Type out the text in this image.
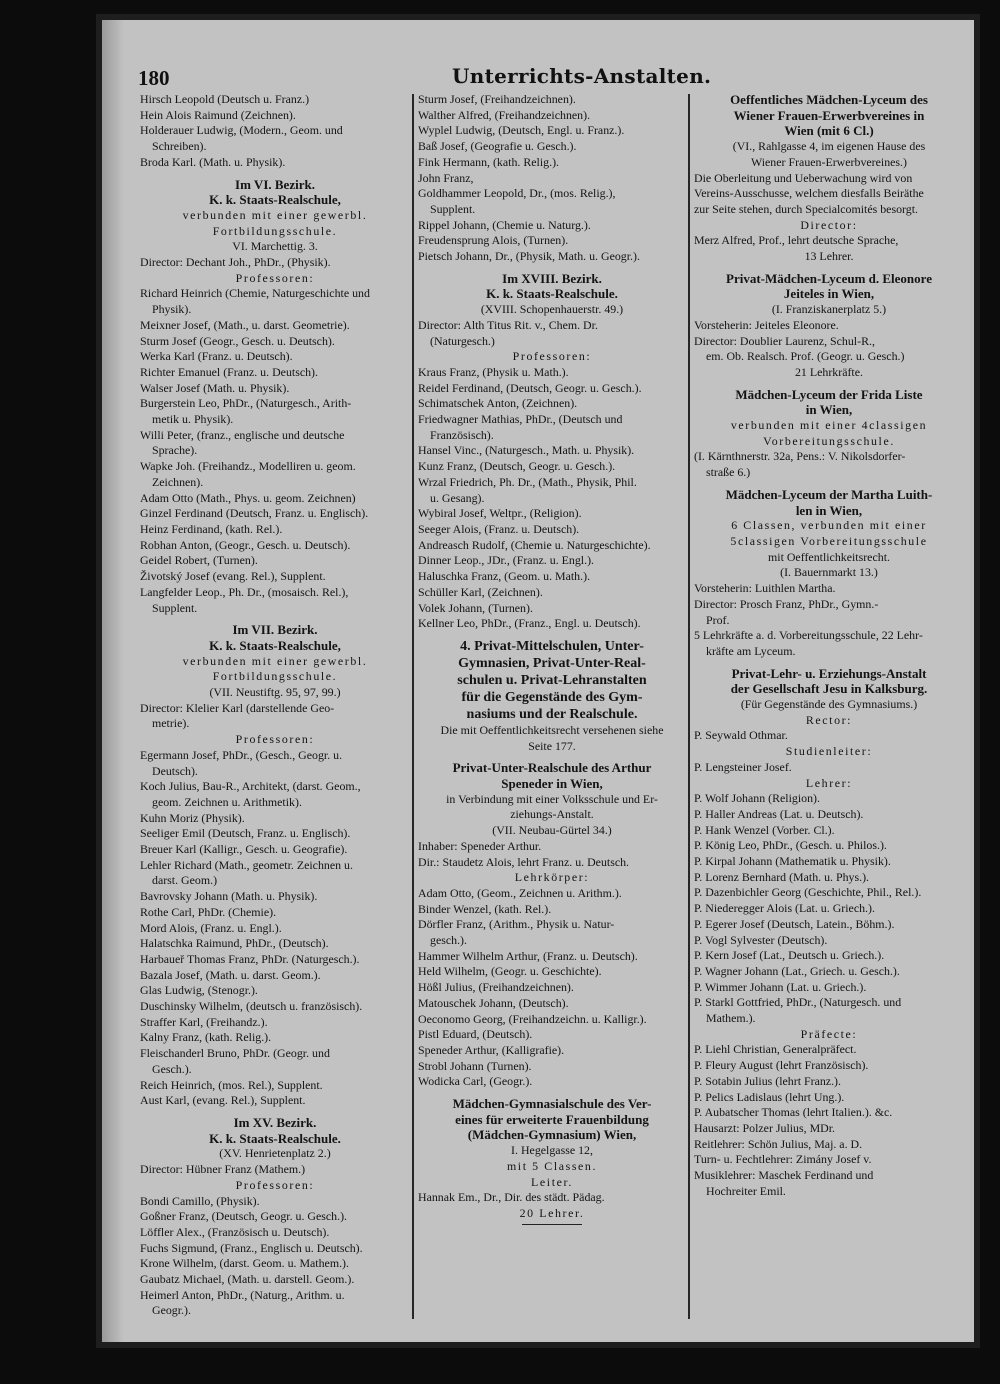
180	Unterrichts-Anstalten.
Hirsch Leopold (Deutsch u. Franz.)
Hein Alois Raimund (Zeichnen).
Holderauer Ludwig, (Modern., Geom. und
Schreiben).
Broda Karl. (Math. u. Physik).
Im VI. Bezirk.
K. k. Staats-Realschule,
verbunden mit einer gewerbl.
Fortbildungsschule.
VI. Marchettig. 3.
Director: Dechant Joh., PhDr., (Physik).
Professoren:
Richard Heinrich (Chemie, Naturgeschichte und
Physik).
Meixner Josef, (Math., u. darst. Geometrie).
Sturm Josef (Geogr., Gesch. u. Deutsch).
Werka Karl (Franz. u. Deutsch).
Richter Emanuel (Franz. u. Deutsch).
Walser Josef (Math. u. Physik).
Burgerstein Leo, PhDr., (Naturgesch., Arith-
metik u. Physik).
Willi Peter, (franz., englische und deutsche
Sprache).
Wapke Joh. (Freihandz., Modelliren u. geom.
Zeichnen).
Adam Otto (Math., Phys. u. geom. Zeichnen)
Ginzel Ferdinand (Deutsch, Franz. u. Englisch).
Heinz Ferdinand, (kath. Rel.).
Robhan Anton, (Geogr., Gesch. u. Deutsch).
Geidel Robert, (Turnen).
Životský Josef (evang. Rel.), Supplent.
Langfelder Leop., Ph. Dr., (mosaisch. Rel.),
Supplent.
Im VII. Bezirk.
K. k. Staats-Realschule,
verbunden mit einer gewerbl.
Fortbildungsschule.
(VII. Neustiftg. 95, 97, 99.)
Director: Klelier Karl (darstellende Geo-
metrie).
Professoren:
Egermann Josef, PhDr., (Gesch., Geogr. u.
Deutsch).
Koch Julius, Bau-R., Architekt, (darst. Geom.,
geom. Zeichnen u. Arithmetik).
Kuhn Moriz (Physik).
Seeliger Emil (Deutsch, Franz. u. Englisch).
Breuer Karl (Kalligr., Gesch. u. Geografie).
Lehler Richard (Math., geometr. Zeichnen u.
darst. Geom.)
Bavrovsky Johann (Math. u. Physik).
Rothe Carl, PhDr. (Chemie).
Mord Alois, (Franz. u. Engl.).
Halatschka Raimund, PhDr., (Deutsch).
Harbaueř Thomas Franz, PhDr. (Naturgesch.).
Bazala Josef, (Math. u. darst. Geom.).
Glas Ludwig, (Stenogr.).
Duschinsky Wilhelm, (deutsch u. französisch).
Straffer Karl, (Freihandz.).
Kalny Franz, (kath. Relig.).
Fleischanderl Bruno, PhDr. (Geogr. und
Gesch.).
Reich Heinrich, (mos. Rel.), Supplent.
Aust Karl, (evang. Rel.), Supplent.
Im XV. Bezirk.
K. k. Staats-Realschule.
(XV. Henrietenplatz 2.)
Director: Hübner Franz (Mathem.)
Professoren:
Bondi Camillo, (Physik).
Goßner Franz, (Deutsch, Geogr. u. Gesch.).
Löffler Alex., (Französisch u. Deutsch).
Fuchs Sigmund, (Franz., Englisch u. Deutsch).
Krone Wilhelm, (darst. Geom. u. Mathem.).
Gaubatz Michael, (Math. u. darstell. Geom.).
Heimerl Anton, PhDr., (Naturg., Arithm. u.
Geogr.).
Sturm Josef, (Freihandzeichnen).
Walther Alfred, (Freihandzeichnen).
Wyplel Ludwig, (Deutsch, Engl. u. Franz.).
Baß Josef, (Geografie u. Gesch.).
Fink Hermann, (kath. Relig.).
John Franz,
Goldhammer Leopold, Dr., (mos. Relig.),
Supplent.
Rippel Johann, (Chemie u. Naturg.).
Freudensprung Alois, (Turnen).
Pietsch Johann, Dr., (Physik, Math. u. Geogr.).
Im XVIII. Bezirk.
K. k. Staats-Realschule.
(XVIII. Schopenhauerstr. 49.)
Director: Alth Titus Rit. v., Chem. Dr.
(Naturgesch.)
Professoren:
Kraus Franz, (Physik u. Math.).
Reidel Ferdinand, (Deutsch, Geogr. u. Gesch.).
Schimatschek Anton, (Zeichnen).
Friedwagner Mathias, PhDr., (Deutsch und
Französisch).
Hansel Vinc., (Naturgesch., Math. u. Physik).
Kunz Franz, (Deutsch, Geogr. u. Gesch.).
Wrzal Friedrich, Ph. Dr., (Math., Physik, Phil.
u. Gesang).
Wybiral Josef, Weltpr., (Religion).
Seeger Alois, (Franz. u. Deutsch).
Andreasch Rudolf, (Chemie u. Naturgeschichte).
Dinner Leop., JDr., (Franz. u. Engl.).
Haluschka Franz, (Geom. u. Math.).
Schüller Karl, (Zeichnen).
Volek Johann, (Turnen).
Kellner Leo, PhDr., (Franz., Engl. u. Deutsch).
4. Privat-Mittelschulen, Unter-
Gymnasien, Privat-Unter-Real-
schulen u. Privat-Lehranstalten
für die Gegenstände des Gym-
nasiums und der Realschule.
Die mit Oeffentlichkeitsrecht versehenen siehe
Seite 177.
Privat-Unter-Realschule des Arthur
Speneder in Wien,
in Verbindung mit einer Volksschule und Er-
ziehungs-Anstalt.
(VII. Neubau-Gürtel 34.)
Inhaber: Speneder Arthur.
Dir.: Staudetz Alois, lehrt Franz. u. Deutsch.
Lehrkörper:
Adam Otto, (Geom., Zeichnen u. Arithm.).
Binder Wenzel, (kath. Rel.).
Dörfler Franz, (Arithm., Physik u. Natur-
gesch.).
Hammer Wilhelm Arthur, (Franz. u. Deutsch).
Held Wilhelm, (Geogr. u. Geschichte).
Hößl Julius, (Freihandzeichnen).
Matouschek Johann, (Deutsch).
Oeconomo Georg, (Freihandzeichn. u. Kalligr.).
Pistl Eduard, (Deutsch).
Speneder Arthur, (Kalligrafie).
Strobl Johann (Turnen).
Wodicka Carl, (Geogr.).
Mädchen-Gymnasialschule des Ver-
eines für erweiterte Frauenbildung
(Mädchen-Gymnasium) Wien,
I. Hegelgasse 12,
mit 5 Classen.
Leiter.
Hannak Em., Dr., Dir. des städt. Pädag.
20 Lehrer.
Oeffentliches Mädchen-Lyceum des
Wiener Frauen-Erwerbvereines in
Wien (mit 6 Cl.)
(VI., Rahlgasse 4, im eigenen Hause des
Wiener Frauen-Erwerbvereines.)
Die Oberleitung und Ueberwachung wird von
Vereins-Ausschusse, welchem diesfalls Beiräthe
zur Seite stehen, durch Specialcomités besorgt.
Director:
Merz Alfred, Prof., lehrt deutsche Sprache,
13 Lehrer.
Privat-Mädchen-Lyceum d. Eleonore
Jeiteles in Wien,
(I. Franziskanerplatz 5.)
Vorsteherin: Jeiteles Eleonore.
Director: Doublier Laurenz, Schul-R.,
em. Ob. Realsch. Prof. (Geogr. u. Gesch.)
21 Lehrkräfte.
Mädchen-Lyceum der Frida Liste
in Wien,
verbunden mit einer 4classigen
Vorbereitungsschule.
(I. Kärnthnerstr. 32a, Pens.: V. Nikolsdorfer-
straße 6.)
Mädchen-Lyceum der Martha Luith-
len in Wien,
6 Classen, verbunden mit einer
5classigen Vorbereitungsschule
mit Oeffentlichkeitsrecht.
(I. Bauernmarkt 13.)
Vorsteherin: Luithlen Martha.
Director: Prosch Franz, PhDr., Gymn.-
Prof.
5 Lehrkräfte a. d. Vorbereitungsschule, 22 Lehr-
kräfte am Lyceum.
Privat-Lehr- u. Erziehungs-Anstalt
der Gesellschaft Jesu in Kalksburg.
(Für Gegenstände des Gymnasiums.)
Rector:
P. Seywald Othmar.
Studienleiter:
P. Lengsteiner Josef.
Lehrer:
P. Wolf Johann (Religion).
P. Haller Andreas (Lat. u. Deutsch).
P. Hank Wenzel (Vorber. Cl.).
P. König Leo, PhDr., (Gesch. u. Philos.).
P. Kirpal Johann (Mathematik u. Physik).
P. Lorenz Bernhard (Math. u. Phys.).
P. Dazenbichler Georg (Geschichte, Phil., Rel.).
P. Niederegger Alois (Lat. u. Griech.).
P. Egerer Josef (Deutsch, Latein., Böhm.).
P. Vogl Sylvester (Deutsch).
P. Kern Josef (Lat., Deutsch u. Griech.).
P. Wagner Johann (Lat., Griech. u. Gesch.).
P. Wimmer Johann (Lat. u. Griech.).
P. Starkl Gottfried, PhDr., (Naturgesch. und
Mathem.).
Präfecte:
P. Liehl Christian, Generalpräfect.
P. Fleury August (lehrt Französisch).
P. Sotabin Julius (lehrt Franz.).
P. Pelics Ladislaus (lehrt Ung.).
P. Aubatscher Thomas (lehrt Italien.). &c.
Hausarzt: Polzer Julius, MDr.
Reitlehrer: Schön Julius, Maj. a. D.
Turn- u. Fechtlehrer: Zimány Josef v.
Musiklehrer: Maschek Ferdinand und
Hochreiter Emil.
